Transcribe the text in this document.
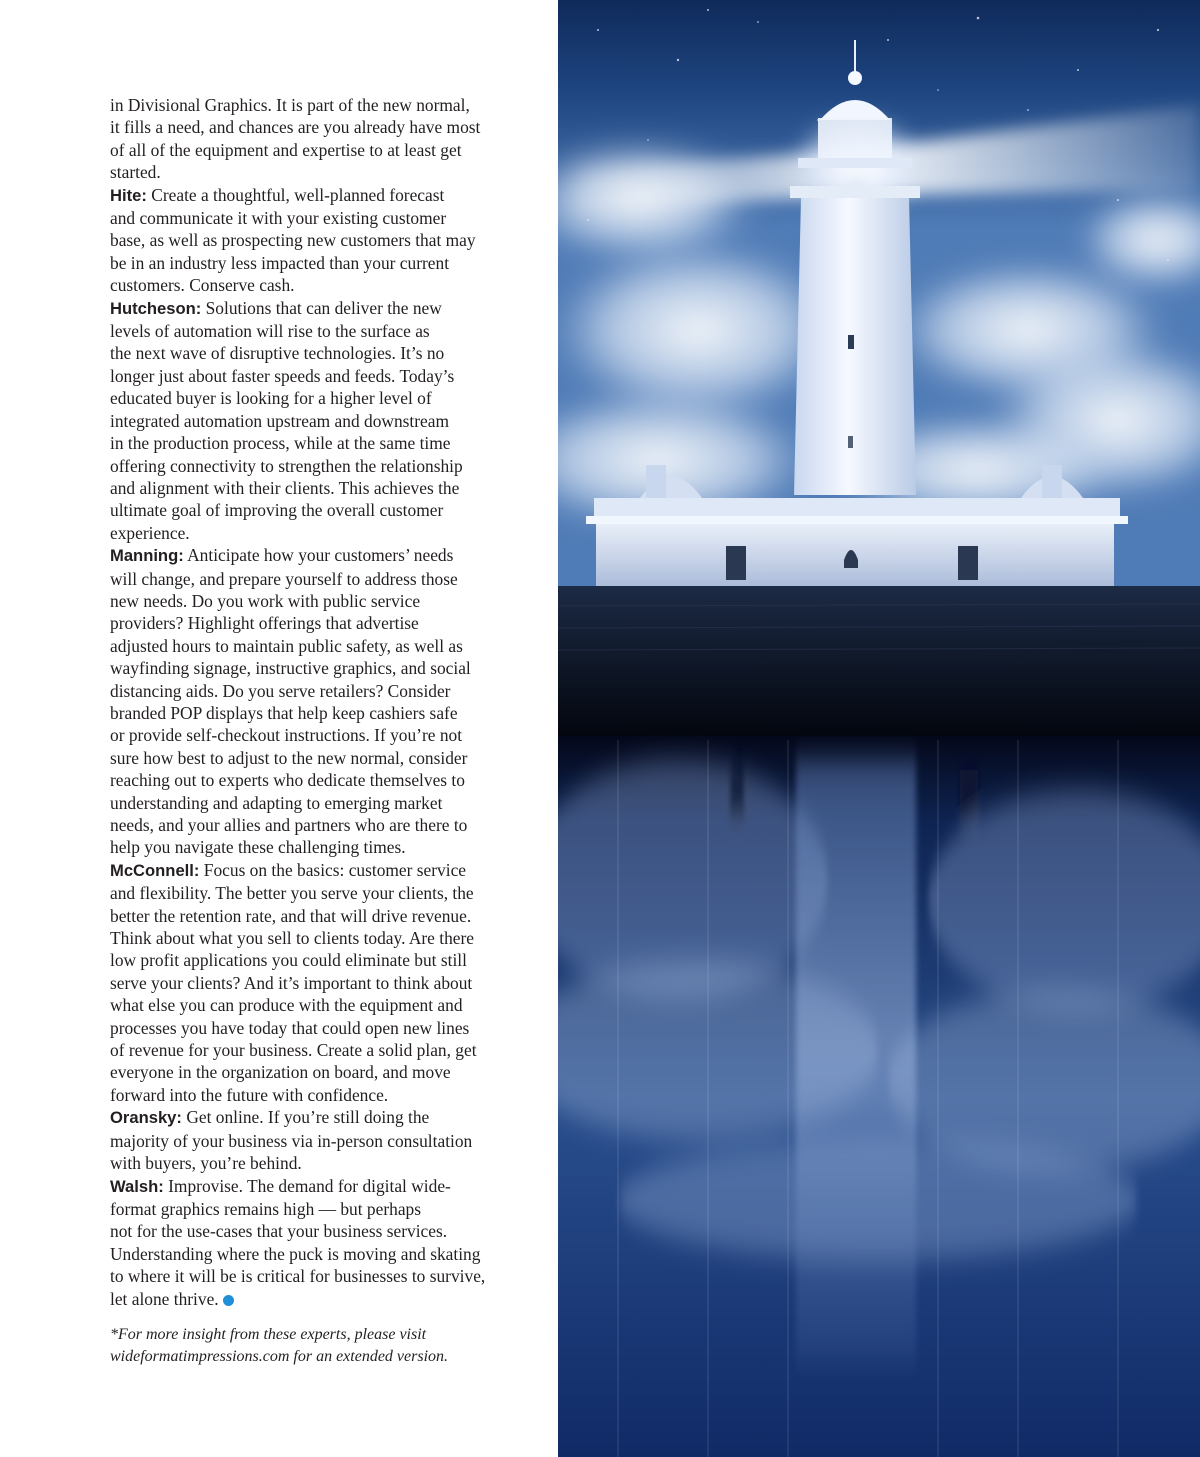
in Divisional Graphics. It is part of the new normal,
it fills a need, and chances are you already have most
of all of the equipment and expertise to at least get
started.
Hite: Create a thoughtful, well-planned forecast
and communicate it with your existing customer
base, as well as prospecting new customers that may
be in an industry less impacted than your current
customers. Conserve cash.
Hutcheson: Solutions that can deliver the new
levels of automation will rise to the surface as
the next wave of disruptive technologies. It’s no
longer just about faster speeds and feeds. Today’s
educated buyer is looking for a higher level of
integrated automation upstream and downstream
in the production process, while at the same time
offering connectivity to strengthen the relationship
and alignment with their clients. This achieves the
ultimate goal of improving the overall customer
experience.
Manning: Anticipate how your customers’ needs
will change, and prepare yourself to address those
new needs. Do you work with public service
providers? Highlight offerings that advertise
adjusted hours to maintain public safety, as well as
wayfinding signage, instructive graphics, and social
distancing aids. Do you serve retailers? Consider
branded POP displays that help keep cashiers safe
or provide self-checkout instructions. If you’re not
sure how best to adjust to the new normal, consider
reaching out to experts who dedicate themselves to
understanding and adapting to emerging market
needs, and your allies and partners who are there to
help you navigate these challenging times.
McConnell: Focus on the basics: customer service
and flexibility. The better you serve your clients, the
better the retention rate, and that will drive revenue.
Think about what you sell to clients today. Are there
low profit applications you could eliminate but still
serve your clients? And it’s important to think about
what else you can produce with the equipment and
processes you have today that could open new lines
of revenue for your business. Create a solid plan, get
everyone in the organization on board, and move
forward into the future with confidence.
Oransky: Get online. If you’re still doing the
majority of your business via in-person consultation
with buyers, you’re behind.
Walsh: Improvise. The demand for digital wide-
format graphics remains high — but perhaps
not for the use-cases that your business services.
Understanding where the puck is moving and skating
to where it will be is critical for businesses to survive,
let alone thrive.
*For more insight from these experts, please visit
wideformatimpressions.com for an extended version.
